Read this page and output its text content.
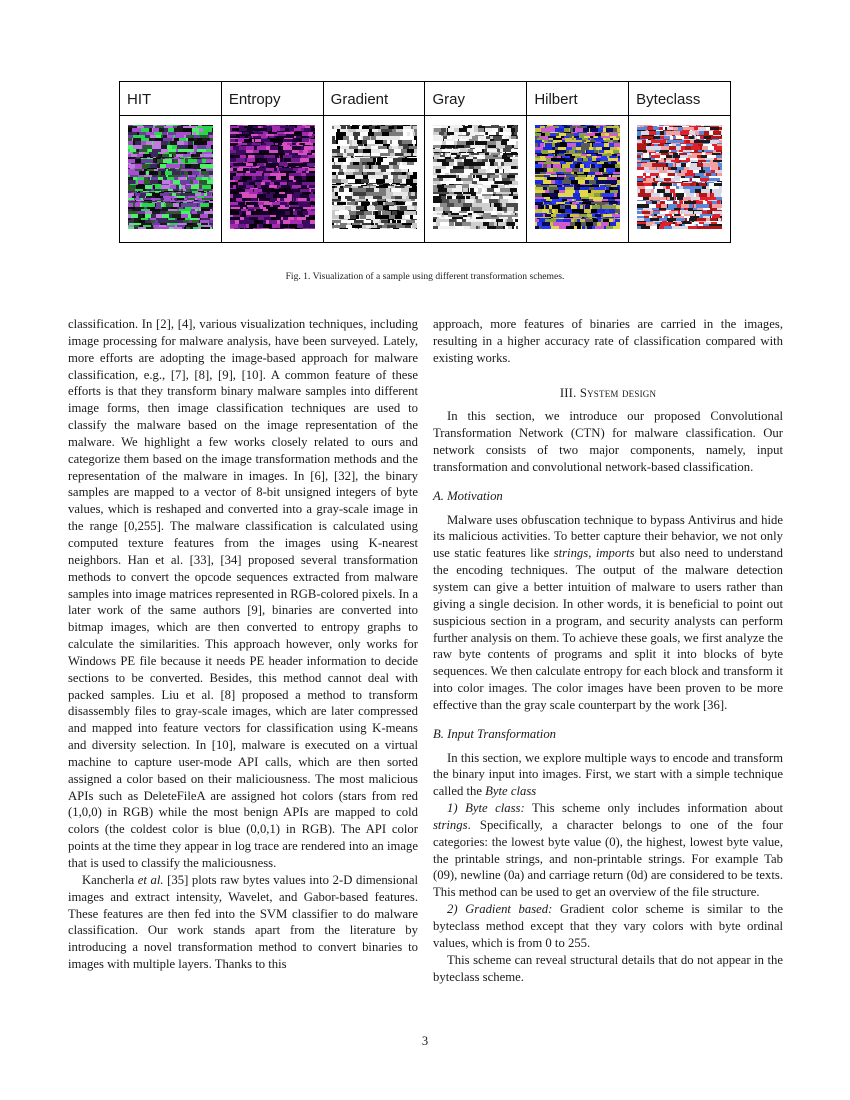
HIT	Entropy	Gradient	Gray	Hilbert	Byteclass
Fig. 1. Visualization of a sample using different transformation schemes.

classification. In [2], [4], various visualization techniques, including image processing for malware analysis, have been surveyed. Lately, more efforts are adopting the image-based approach for malware classification, e.g., [7], [8], [9], [10]. A common feature of these efforts is that they transform binary malware samples into different image forms, then image classification techniques are used to classify the malware based on the image representation of the malware. We highlight a few works closely related to ours and categorize them based on the image transformation methods and the representation of the malware in images. In [6], [32], the binary samples are mapped to a vector of 8-bit unsigned integers of byte values, which is reshaped and converted into a gray-scale image in the range [0,255]. The malware classification is calculated using computed texture features from the images using K-nearest neighbors. Han et al. [33], [34] proposed several transformation methods to convert the opcode sequences extracted from malware samples into image matrices represented in RGB-colored pixels. In a later work of the same authors [9], binaries are converted into bitmap images, which are then converted to entropy graphs to calculate the similarities. This approach however, only works for Windows PE file because it needs PE header information to decide sections to be converted. Besides, this method cannot deal with packed samples. Liu et al. [8] proposed a method to transform disassembly files to gray-scale images, which are later compressed and mapped into feature vectors for classification using K-means and diversity selection. In [10], malware is executed on a virtual machine to capture user-mode API calls, which are then sorted assigned a color based on their maliciousness. The most malicious APIs such as DeleteFileA are assigned hot colors (stars from red (1,0,0) in RGB) while the most benign APIs are mapped to cold colors (the coldest color is blue (0,0,1) in RGB). The API color points at the time they appear in log trace are rendered into an image that is used to classify the maliciousness.

Kancherla et al. [35] plots raw bytes values into 2-D dimensional images and extract intensity, Wavelet, and Gabor-based features. These features are then fed into the SVM classifier to do malware classification. Our work stands apart from the literature by introducing a novel transformation method to convert binaries to images with multiple layers. Thanks to this

approach, more features of binaries are carried in the images, resulting in a higher accuracy rate of classification compared with existing works.

III. System design

In this section, we introduce our proposed Convolutional Transformation Network (CTN) for malware classification. Our network consists of two major components, namely, input transformation and convolutional network-based classification.

A. Motivation

Malware uses obfuscation technique to bypass Antivirus and hide its malicious activities. To better capture their behavior, we not only use static features like strings, imports but also need to understand the encoding techniques. The output of the malware detection system can give a better intuition of malware to users rather than giving a single decision. In other words, it is beneficial to point out suspicious section in a program, and security analysts can perform further analysis on them. To achieve these goals, we first analyze the raw byte contents of programs and split it into blocks of byte sequences. We then calculate entropy for each block and transform it into color images. The color images have been proven to be more effective than the gray scale counterpart by the work [36].

B. Input Transformation

In this section, we explore multiple ways to encode and transform the binary input into images. First, we start with a simple technique called the Byte class

1) Byte class: This scheme only includes information about strings. Specifically, a character belongs to one of the four categories: the lowest byte value (0), the highest, lowest byte value, the printable strings, and non-printable strings. For example Tab (09), newline (0a) and carriage return (0d) are considered to be texts. This method can be used to get an overview of the file structure.

2) Gradient based: Gradient color scheme is similar to the byteclass method except that they vary colors with byte ordinal values, which is from 0 to 255.

This scheme can reveal structural details that do not appear in the byteclass scheme.

3
